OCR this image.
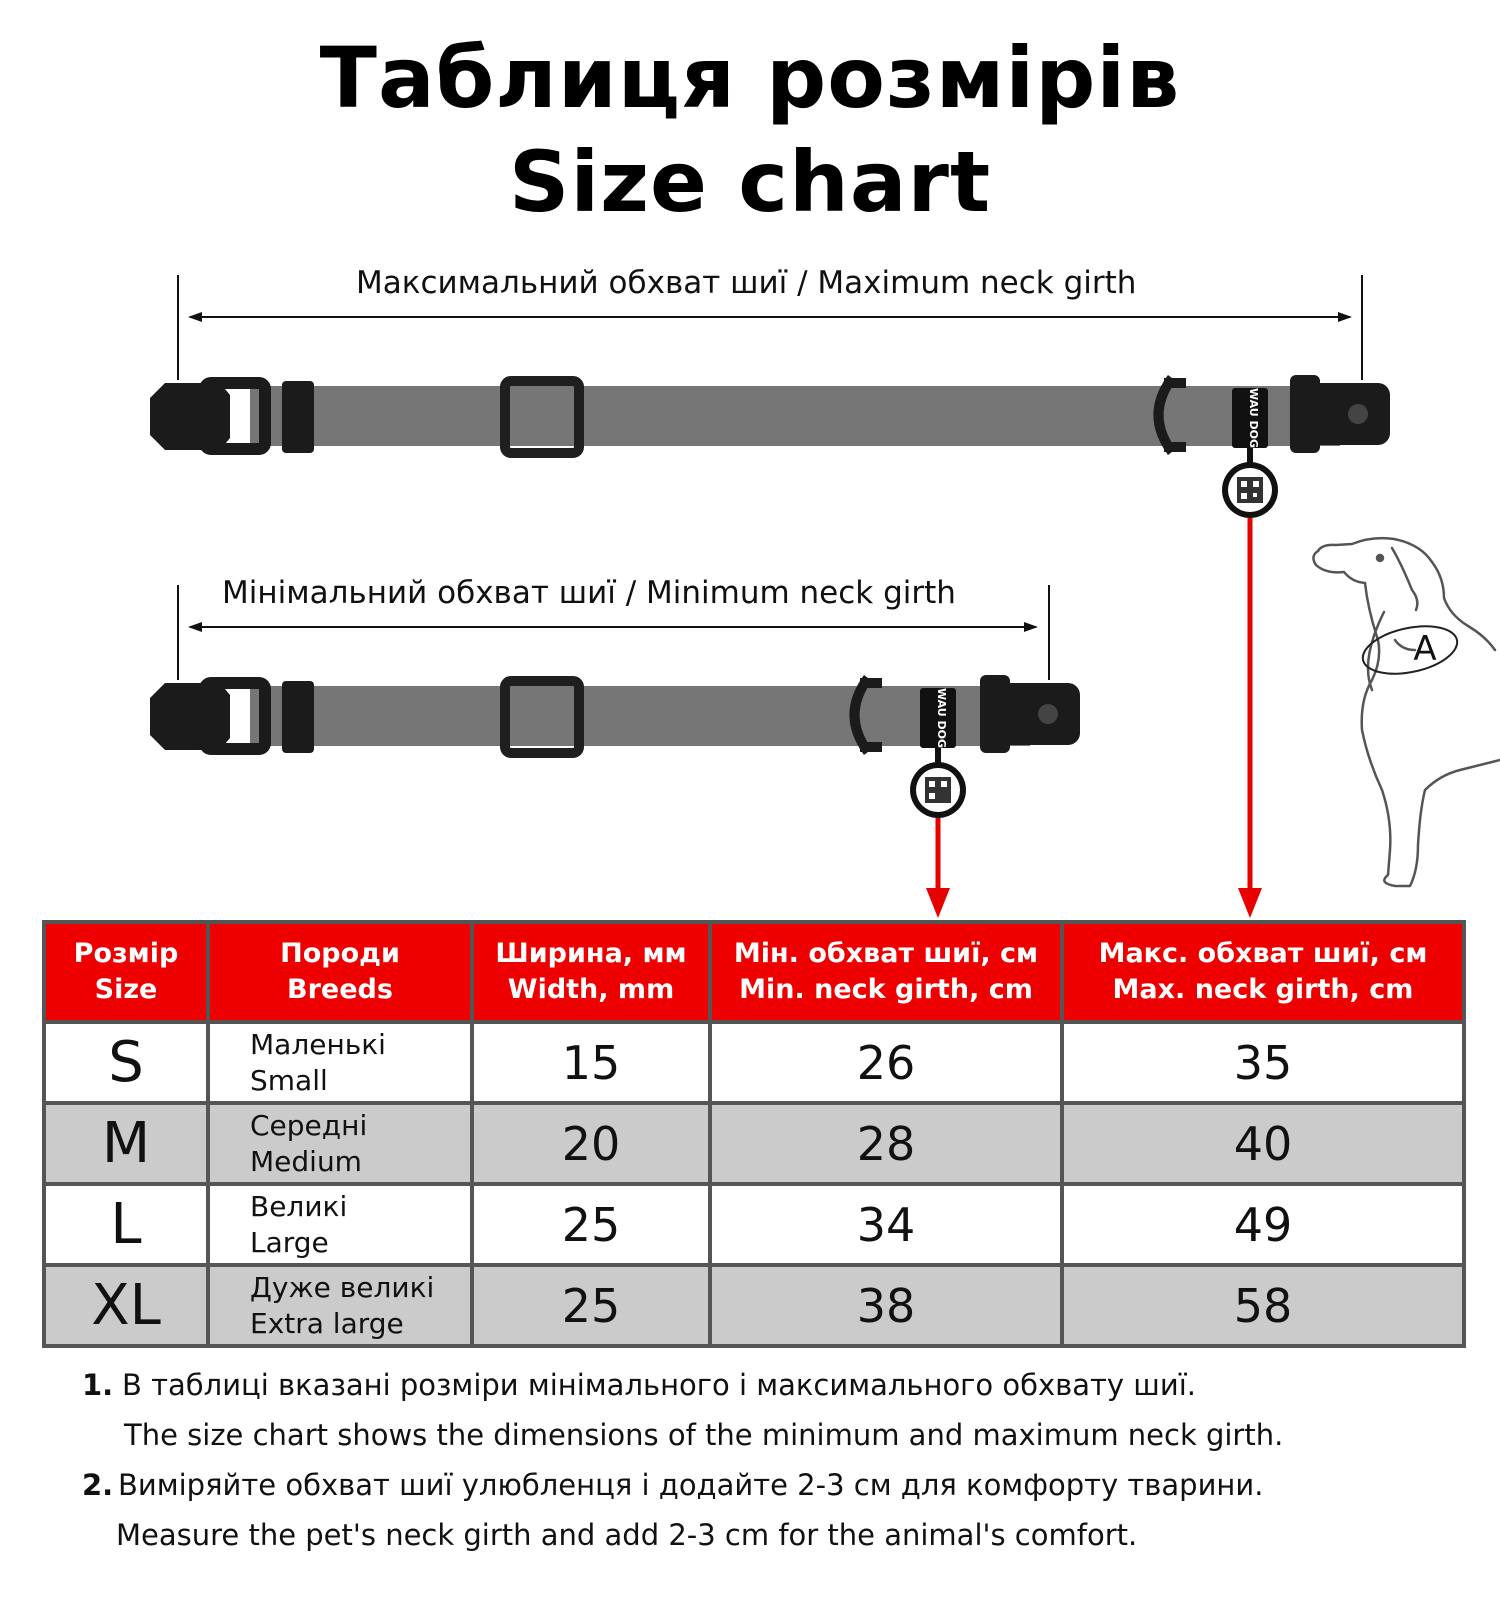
Таблиця розмірів
Size chart
WAU DOG
WAU DOG
A
Максимальний обхват шиї / Maximum neck girth
Мінімальний обхват шиї / Minimum neck girth
Розмір
Size	Породи
Breeds	Ширина, мм
Width, mm	Мін. обхват шиї, см
Min. neck girth, cm	Макс. обхват шиї, см
Max. neck girth, cm

S	Маленькі
Small	15	26	35
M	Середні
Medium	20	28	40
L	Великі
Large	25	34	49
XL	Дуже великі
Extra large	25	38	58
1. В таблиці вказані розміри мінімального і максимального обхвату шиї.
The size chart shows the dimensions of the minimum and maximum neck girth.
2. Виміряйте обхват шиї улюбленця і додайте 2-3 см для комфорту тварини.
Measure the pet's neck girth and add 2-3 cm for the animal's comfort.
